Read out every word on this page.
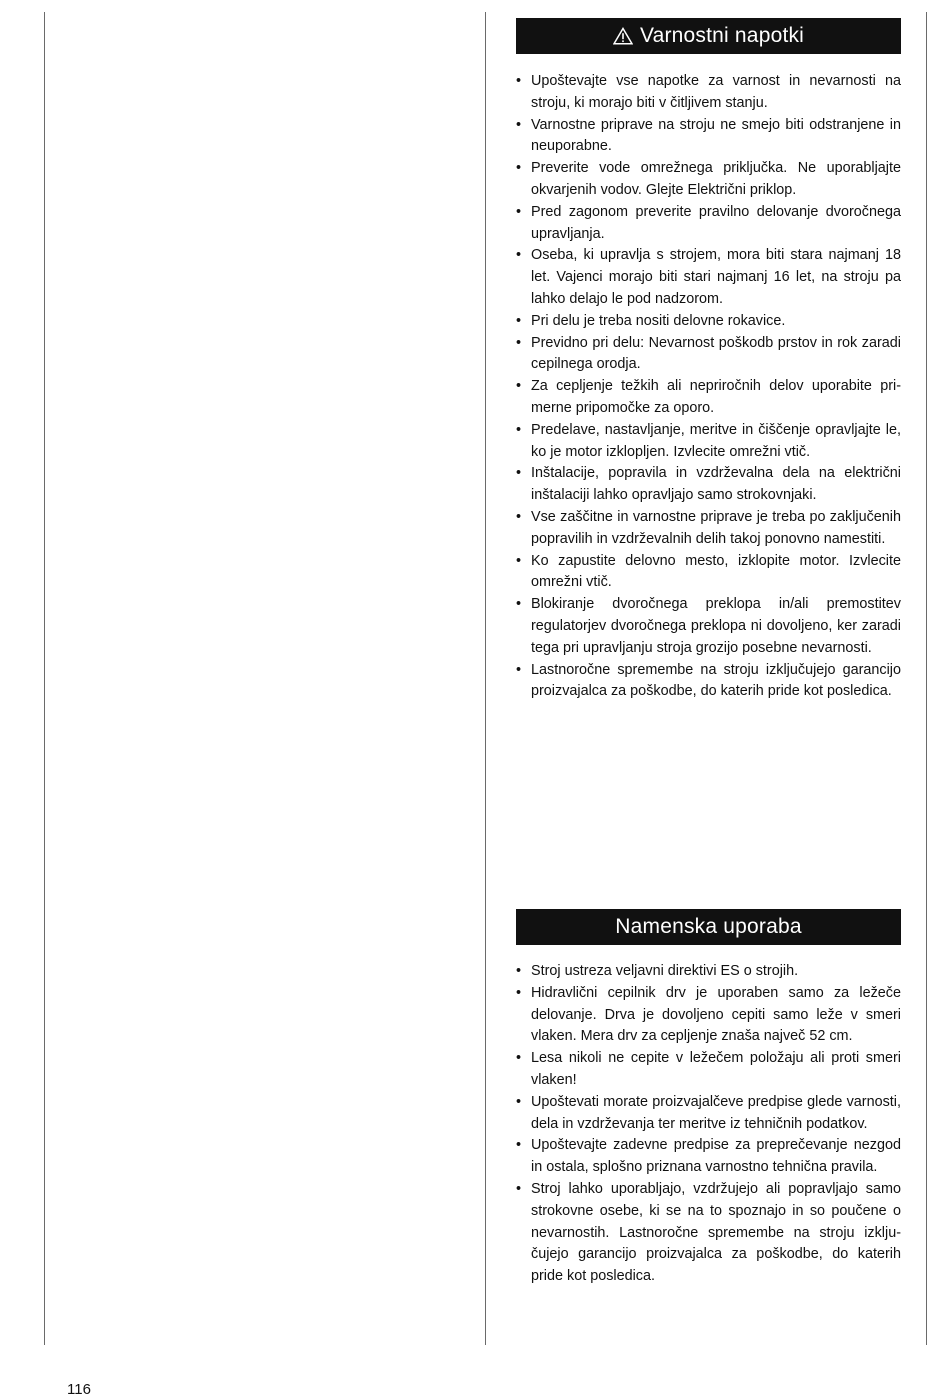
Varnostni napotki
• Upoštevajte vse napotke za varnost in nevarnosti na stroju, ki morajo biti v čitljivem stanju.
• Varnostne priprave na stroju ne smejo biti odstranjene in neuporabne.
• Preverite vode omrežnega priključka. Ne uporabljajte okvarjenih vodov. Glejte Električni priklop.
• Pred zagonom preverite pravilno delovanje dvoročnega upravljanja.
• Oseba, ki upravlja s strojem, mora biti stara najmanj 18 let. Vajenci morajo biti stari najmanj 16 let, na stroju pa lahko delajo le pod nadzorom.
• Pri delu je treba nositi delovne rokavice.
• Previdno pri delu: Nevarnost poškodb prstov in rok zaradi cepilnega orodja.
• Za cepljenje težkih ali nepriročnih delov uporabite primerne pripomočke za oporo.
• Predelave, nastavljanje, meritve in čiščenje opravljajte le, ko je motor izklopljen. Izvlecite omrežni vtič.
• Inštalacije, popravila in vzdrževalna dela na električni inštalaciji lahko opravljajo samo strokovnjaki.
• Vse zaščitne in varnostne priprave je treba po zaključenih popravilih in vzdrževalnih delih takoj ponovno namestiti.
• Ko zapustite delovno mesto, izklopite motor. Izvlecite omrežni vtič.
• Blokiranje dvoročnega preklopa in/ali premostitev regulatorjev dvoročnega preklopa ni dovoljeno, ker zaradi tega pri upravljanju stroja grozijo posebne nevarnosti.
• Lastnoročne spremembe na stroju izključujejo garancijo proizvajalca za poškodbe, do katerih pride kot posledica.
Namenska uporaba
• Stroj ustreza veljavni direktivi ES o strojih.
• Hidravlični cepilnik drv je uporaben samo za ležeče delovanje. Drva je dovoljeno cepiti samo leže v smeri vlaken. Mera drv za cepljenje znaša največ 52 cm.
• Lesa nikoli ne cepite v ležečem položaju ali proti smeri vlaken!
• Upoštevati morate proizvajalčeve predpise glede varnosti, dela in vzdrževanja ter meritve iz tehničnih podatkov.
• Upoštevajte zadevne predpise za preprečevanje nezgod in ostala, splošno priznana varnostno tehnična pravila.
• Stroj lahko uporabljajo, vzdržujejo ali popravljajo samo strokovne osebe, ki se na to spoznajo in so poučene o nevarnostih. Lastnoročne spremembe na stroju izključujejo garancijo proizvajalca za poškodbe, do katerih pride kot posledica.
116
